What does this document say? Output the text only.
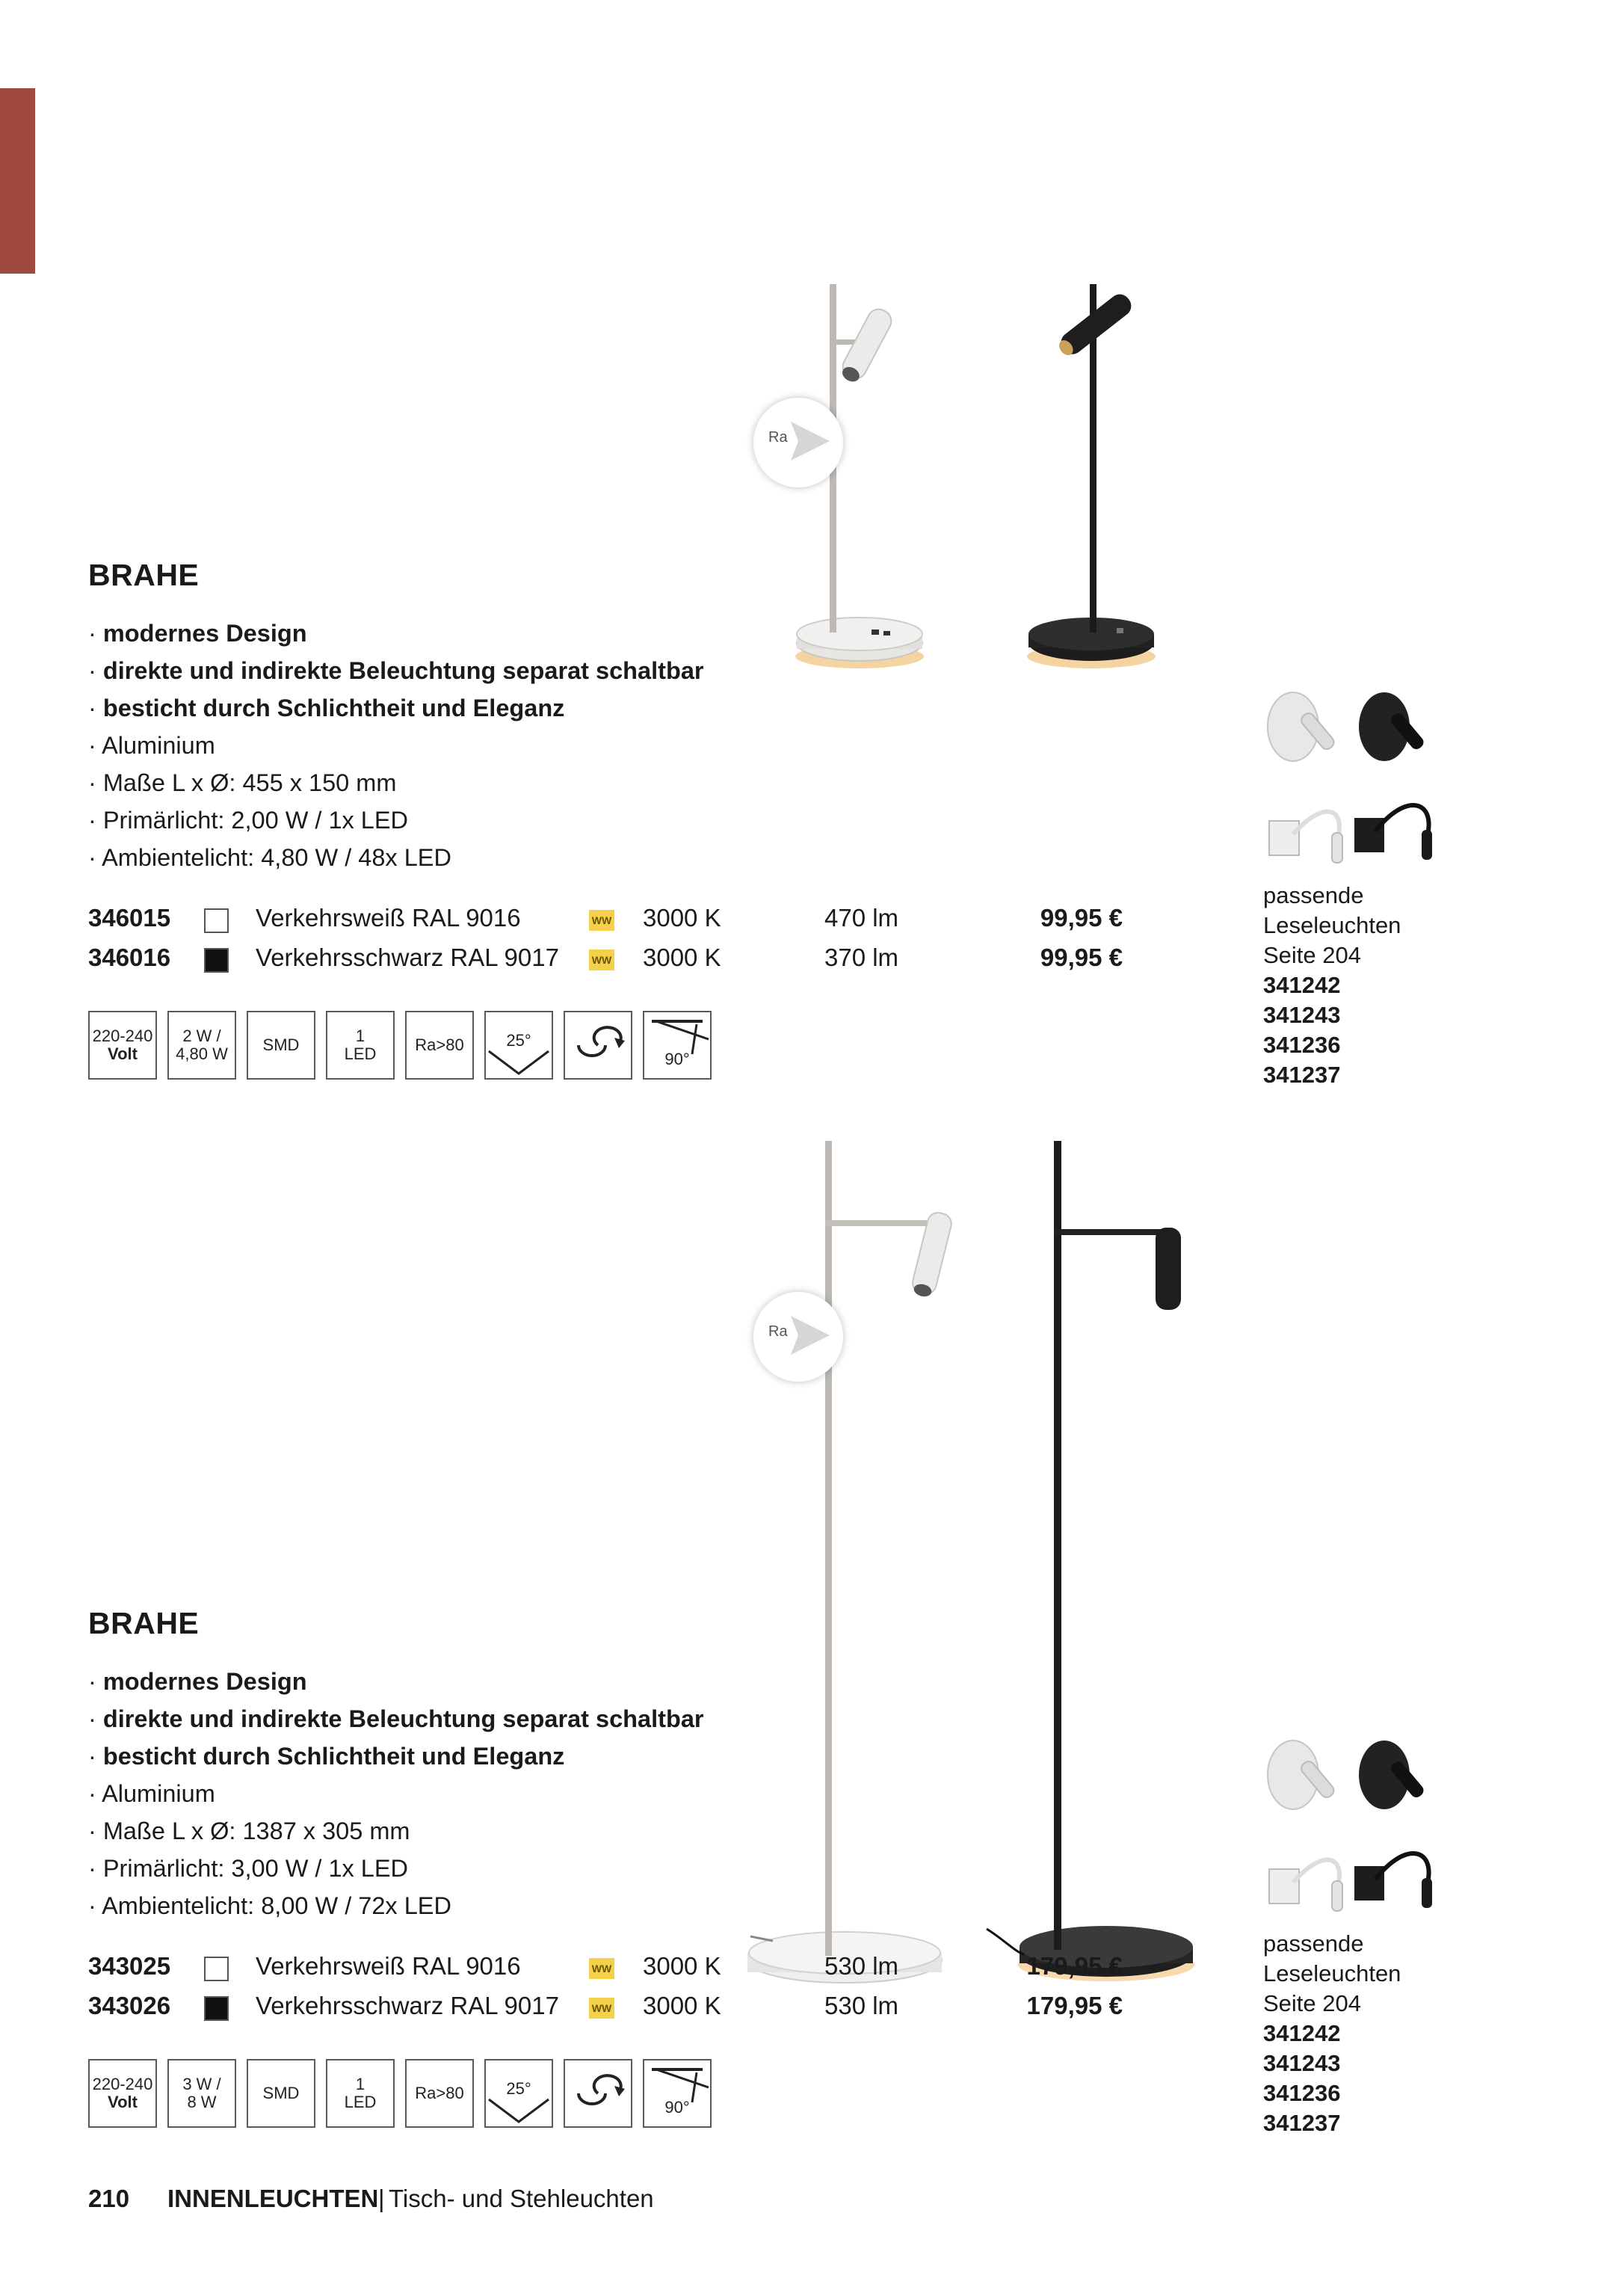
Ra
BRAHE
· modernes Design
· direkte und indirekte Beleuchtung separat schaltbar
· besticht durch Schlichtheit und Eleganz
· Aluminium
· Maße L x Ø: 455 x 150 mm
· Primärlicht: 2,00 W / 1x LED
· Ambientelicht: 4,80 W / 48x LED
346015	Verkehrsweiß RAL 9016	WW 3000 K	470 lm	99,95 €
346016	Verkehrsschwarz RAL 9017	WW 3000 K	370 lm	99,95 €
220-240
Volt
2 W /
4,80 W SMD	1
LED Ra>80	25°
90°
passende
Leseleuchten
Seite 204
341242
341243
341236
341237
Ra
BRAHE
· modernes Design
· direkte und indirekte Beleuchtung separat schaltbar
· besticht durch Schlichtheit und Eleganz
· Aluminium
· Maße L x Ø: 1387 x 305 mm
· Primärlicht: 3,00 W / 1x LED
· Ambientelicht: 8,00 W / 72x LED
343025	Verkehrsweiß RAL 9016	WW 3000 K	530 lm	179,95 €
343026	Verkehrsschwarz RAL 9017	WW 3000 K	530 lm	179,95 €
220-240
Volt
3 W /
8 W	SMD	1
LED Ra>80	25°
90°
passende
Leseleuchten
Seite 204
341242
341243
341236
341237
210 INNENLEUCHTEN | Tisch- und Stehleuchten
